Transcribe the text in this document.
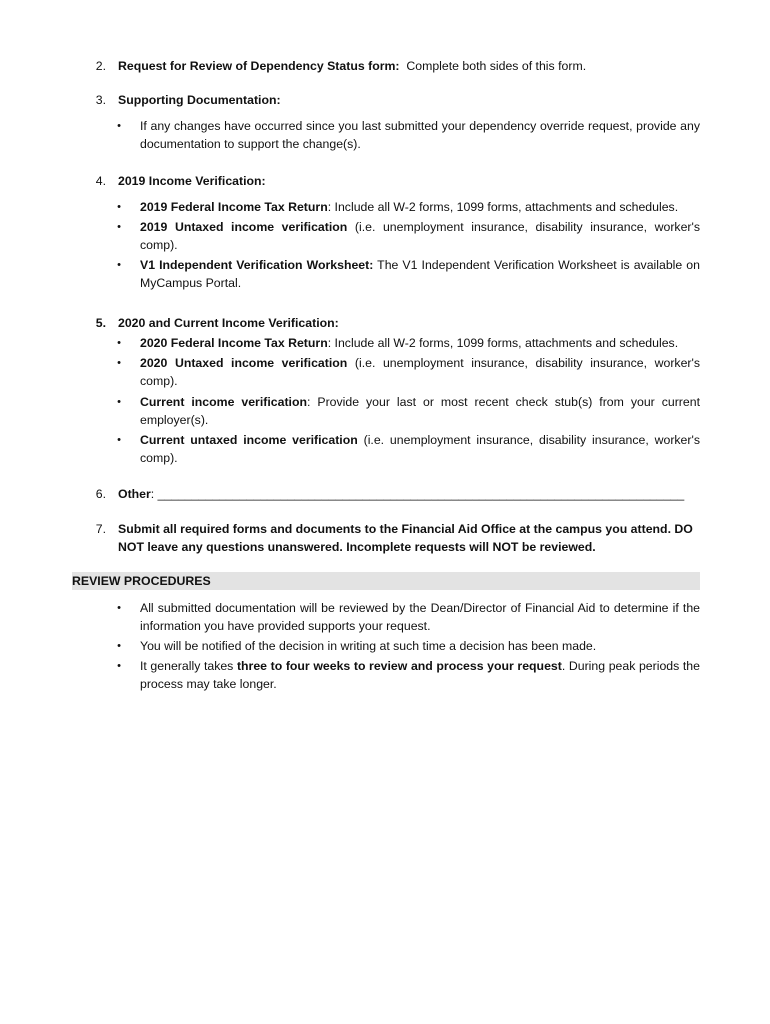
2. Request for Review of Dependency Status form: Complete both sides of this form.
3. Supporting Documentation:
• If any changes have occurred since you last submitted your dependency override request, provide any documentation to support the change(s).
4. 2019 Income Verification:
• 2019 Federal Income Tax Return: Include all W-2 forms, 1099 forms, attachments and schedules.
• 2019 Untaxed income verification (i.e. unemployment insurance, disability insurance, worker's comp).
• V1 Independent Verification Worksheet: The V1 Independent Verification Worksheet is available on MyCampus Portal.
5. 2020 and Current Income Verification:
• 2020 Federal Income Tax Return: Include all W-2 forms, 1099 forms, attachments and schedules.
• 2020 Untaxed income verification (i.e. unemployment insurance, disability insurance, worker's comp).
• Current income verification: Provide your last or most recent check stub(s) from your current employer(s).
• Current untaxed income verification (i.e. unemployment insurance, disability insurance, worker's comp).
6. Other: _____________________________________________________________________________
7. Submit all required forms and documents to the Financial Aid Office at the campus you attend. DO NOT leave any questions unanswered. Incomplete requests will NOT be reviewed.
REVIEW PROCEDURES
• All submitted documentation will be reviewed by the Dean/Director of Financial Aid to determine if the information you have provided supports your request.
• You will be notified of the decision in writing at such time a decision has been made.
• It generally takes three to four weeks to review and process your request. During peak periods the process may take longer.
